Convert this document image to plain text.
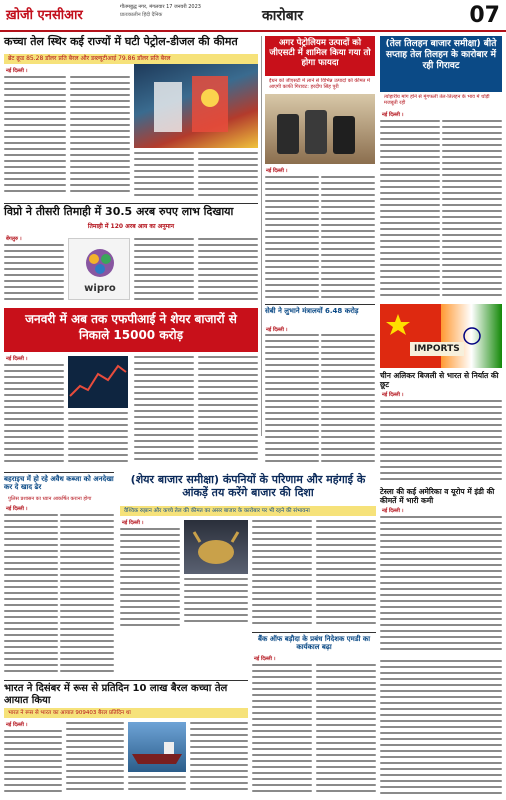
ख़ोजी एनसीआर
गौतमबुद्ध नगर, मंगलवार 17 जनवरी 2023
प्रातःकालीन हिंदी दैनिक	कारोबार	07
कच्चा तेल स्थिर कई राज्यों में घटी पेट्रोल-डीजल की कीमत
ब्रेंट क्रूड 85.28 डॉलर प्रति बैरल और डब्ल्यूटीआई 79.86 डॉलर प्रति बैरल
नई दिल्ली ।
अगर पेट्रोलियम उत्पादों को जीएसटी में शामिल किया गया तो होगा फायदा
ईंधन को जीएसटी में लाने से विभिन्न उत्पादों को कीमत में आएगी काफी गिरावट: हरदीप सिंह पुरी
नई दिल्ली ।
(तेल तिलहन बाजार समीक्षा) बीते सप्ताह तेल तिलहन के कारोबार में रही गिरावट
त्योहारीय मांग होने से मूंगफली तेल-तिलहन के भाव में थोड़ी मजबूती रही
नई दिल्ली ।
विप्रो ने तीसरी तिमाही में 30.5 अरब रुपए लाभ दिखाया
तिमाही में 120 अरब आय का अनुमान
बेंगलुरु ।
wipro
जनवरी में अब तक एफपीआई ने शेयर बाजारों से निकाले 15000 करोड़
नई दिल्ली ।
सेबी ने लुभाने मंत्रालयों 6.48 करोड़
नई दिल्ली ।
IMPORTS
चीन अलिकर बिजली से भारत से निर्यात की छूट
नई दिल्ली ।
टेस्ला की कई अमेरिका व यूरोप में इंडी की कीमतें में भारी कमी
नई दिल्ली ।
बहराइच में हो रहे अवैध कब्जा को अनदेखा कर दे खाद ढेर
पुलिस प्रशासन का ध्यान आकर्षित कराना होगा
नई दिल्ली ।
(शेयर बाजार समीक्षा) कंपनियों के परिणाम और महंगाई के आंकड़ें तय करेंगे बाजार की दिशा
वैश्विक रुझान और कच्चे तेल की कीमत का असर बाजार के कारोबार पर भी रहने की संभावना
नई दिल्ली ।
बैंक ऑफ बड़ौदा के प्रबंध निदेशक एमडी का कार्यकाल बढ़ा
नई दिल्ली ।
भारत ने दिसंबर में रूस से प्रतिदिन 10 लाख बैरल कच्चा तेल आयात किया
भारत ने रूस से भारत का आयात 909403 बैरल प्रतिदिन था
नई दिल्ली ।
